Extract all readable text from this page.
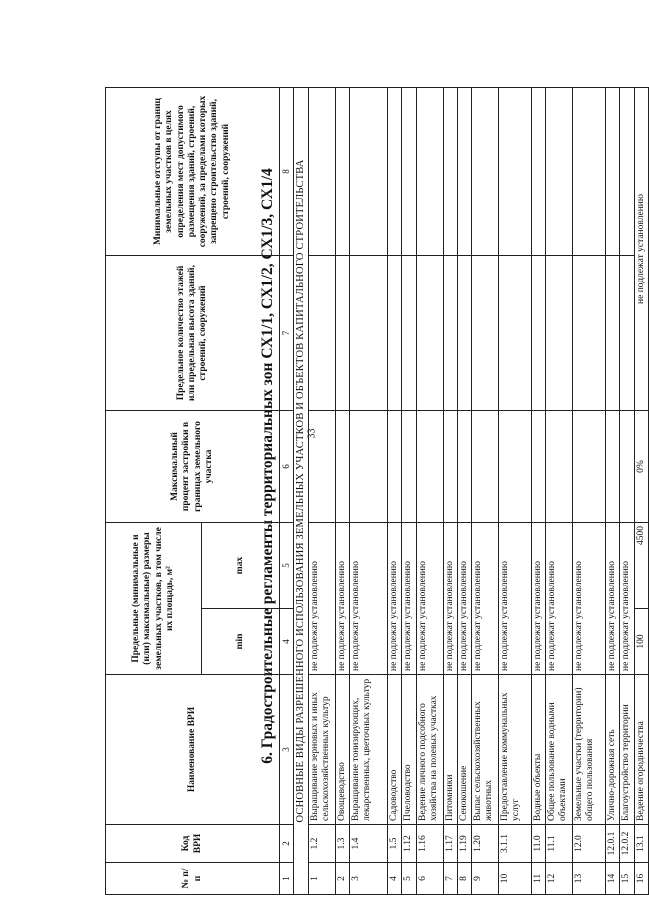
33
6. Градостроительные регламенты территориальных зон СХ1/1, СХ1/2, СХ1/3, СХ1/4
№ п/п	Код ВРИ	Наименование ВРИ	Предельные (минимальные и (или) максимальные) размеры земельных участков, в том числе их площадь, м²		Максимальный процент застройки в границах земельного участка	Предельное количество этажей или предельная высота зданий, строений, сооружений	Минимальные отступы от границ земельных участков в целях определения мест допустимого размещения зданий, строений, сооружений, за пределами которых запрещено строительство зданий, строений, сооружений
			min	max			
1	2	3	4	5	6	7	8
ОСНОВНЫЕ ВИДЫ РАЗРЕШЕННОГО ИСПОЛЬЗОВАНИЯ ЗЕМЕЛЬНЫХ УЧАСТКОВ И ОБЪЕКТОВ КАПИТАЛЬНОГО СТРОИТЕЛЬСТВА							
1	1.2	Выращивание зерновых и иных сельскохозяйственных культур	не подлежат установлению				
2	1.3	Овощеводство	не подлежат установлению				
3	1.4	Выращивание тонизирующих, лекарственных, цветочных культур	не подлежат установлению				
4	1.5	Садоводство	не подлежат установлению				
5	1.12	Пчеловодство	не подлежат установлению				
6	1.16	Ведение личного подсобного хозяйства на полевых участках	не подлежат установлению				
7	1.17	Питомники	не подлежат установлению				
8	1.19	Сенокошение	не подлежат установлению				
9	1.20	Выпас сельскохозяйственных животных	не подлежат установлению				
10	3.1.1	Предоставление коммунальных услуг	не подлежат установлению				
11	11.0	Водные объекты	не подлежат установлению				
12	11.1	Общее пользование водными объектами	не подлежат установлению				
13	12.0	Земельные участки (территории) общего пользования	не подлежат установлению				
14	12.0.1	Улично-дорожная сеть	не подлежат установлению				
15	12.0.2	Благоустройство территории	не подлежат установлению				
16	13.1	Ведение огородничества	100	4500	0%	не подлежат установлению	
